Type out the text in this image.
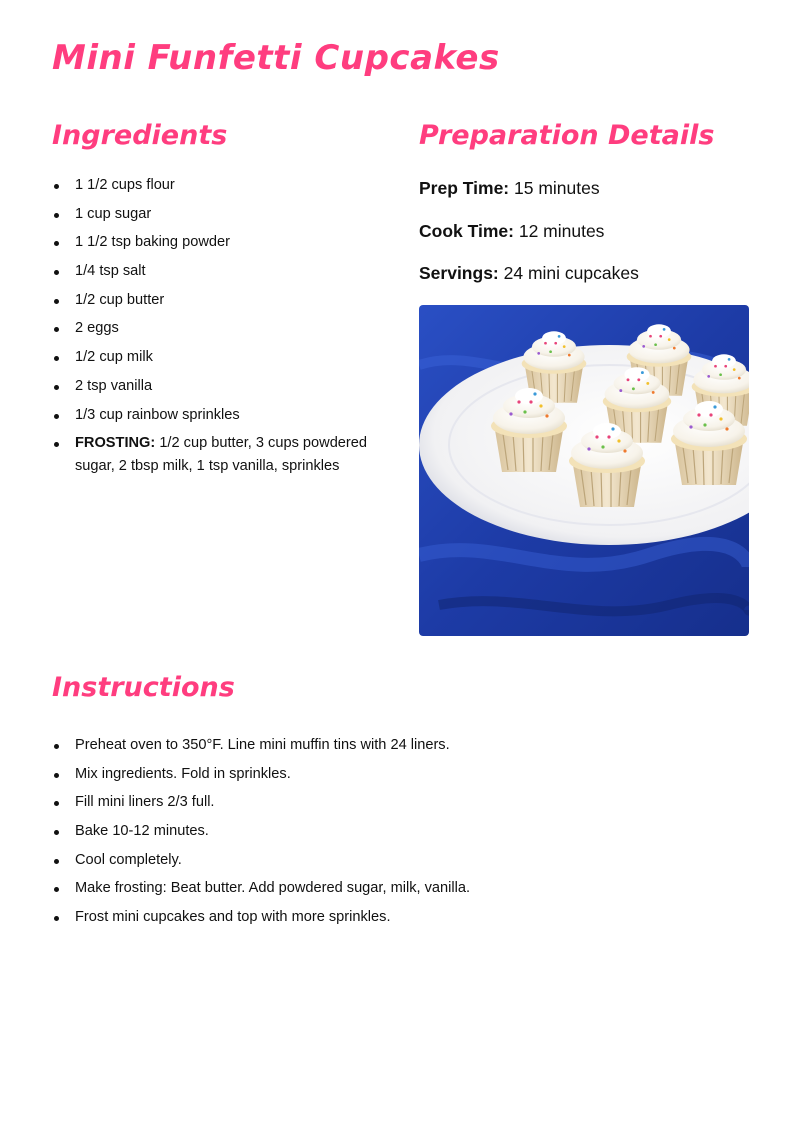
Mini Funfetti Cupcakes
Ingredients
1 1/2 cups flour
1 cup sugar
1 1/2 tsp baking powder
1/4 tsp salt
1/2 cup butter
2 eggs
1/2 cup milk
2 tsp vanilla
1/3 cup rainbow sprinkles
FROSTING: 1/2 cup butter, 3 cups powdered sugar, 2 tbsp milk, 1 tsp vanilla, sprinkles
Preparation Details

Prep Time: 15 minutes

Cook Time: 12 minutes

Servings: 24 mini cupcakes

Instructions
Preheat oven to 350°F. Line mini muffin tins with 24 liners.
Mix ingredients. Fold in sprinkles.
Fill mini liners 2/3 full.
Bake 10-12 minutes.
Cool completely.
Make frosting: Beat butter. Add powdered sugar, milk, vanilla.
Frost mini cupcakes and top with more sprinkles.
